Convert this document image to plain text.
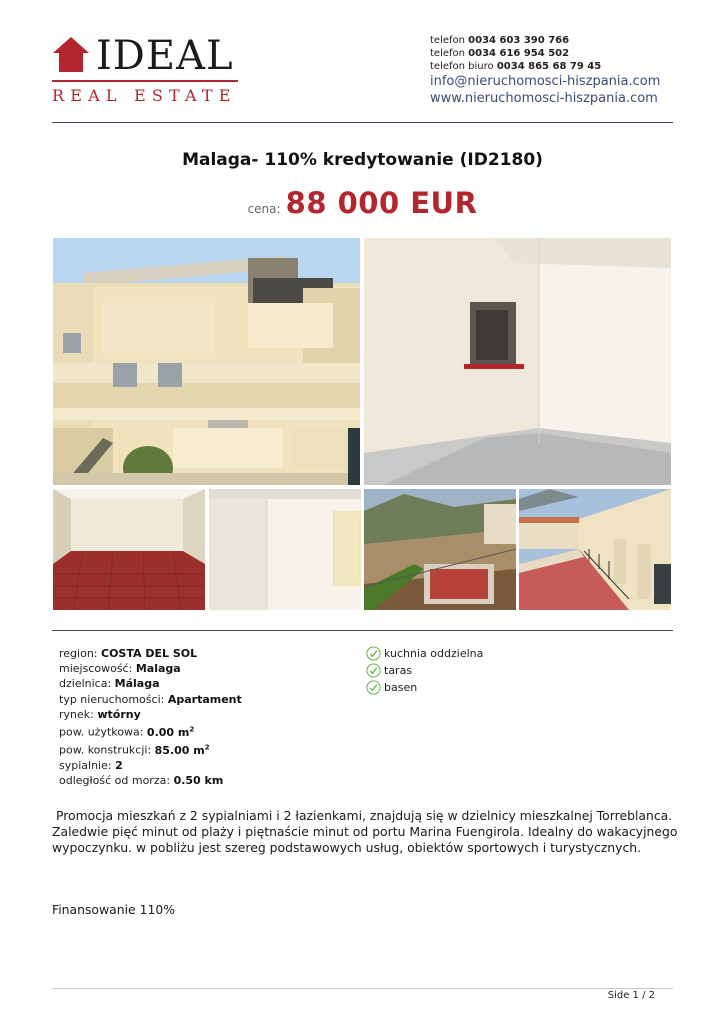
IDEAL
REAL ESTATE
telefon 0034 603 390 766
telefon 0034 616 954 502
telefon biuro 0034 865 68 79 45
info@nieruchomosci-hiszpania.com
www.nieruchomosci-hiszpania.com
Malaga- 110% kredytowanie (ID2180)
cena: 88 000 EUR
region: COSTA DEL SOL
miejscowość: Malaga
dzielnica: Málaga
typ nieruchomości: Apartament
rynek: wtórny
pow. użytkowa: 0.00 $m^2$
pow. konstrukcji: 85.00 $m^2$
sypialnie: 2
odległość od morza: 0.50 km
kuchnia oddzielna
taras
basen
Promocja mieszkań z 2 sypialniami i 2 łazienkami, znajdują się w dzielnicy mieszkalnej Torreblanca. Zaledwie pięć minut od plaży i piętnaście minut od portu Marina Fuengirola. Idealny do wakacyjnego wypoczynku. w pobliżu jest szereg podstawowych usług, obiektów sportowych i turystycznych.
Finansowanie 110%
Side 1 / 2
